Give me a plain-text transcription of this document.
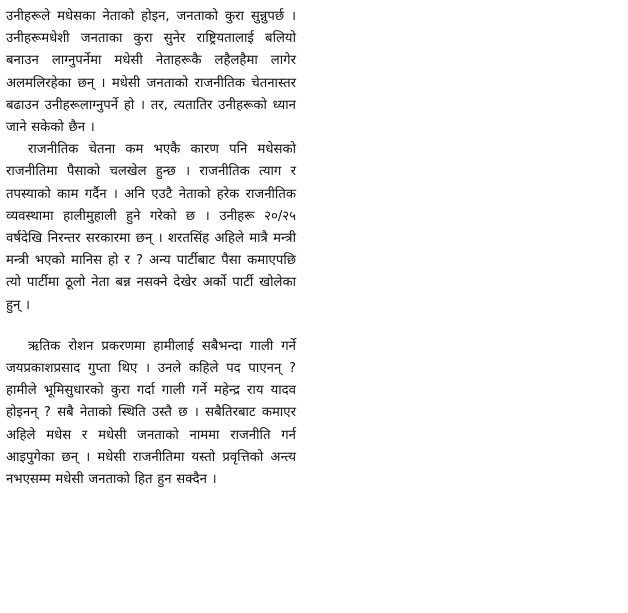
उनीहरूले मधेसका नेताको होइन, जनताको कुरा सुन्नुपर्छ । उनीहरूमधेशी जनताका कुरा सुनेर राष्ट्रियतालाई बलियो बनाउन लाग्नुपर्नेमा मधेसी नेताहरूकै लहैलहैमा लागेर अलमलिरहेका छन् । मधेसी जनताको राजनीतिक चेतनास्तर बढाउन उनीहरूलाग्नुपर्ने हो । तर, त्यतातिर उनीहरूको ध्यान जाने सकेको छैन ।

राजनीतिक चेतना कम भएकै कारण पनि मधेसको राजनीतिमा पैसाको चलखेल हुन्छ । राजनीतिक त्याग र तपस्याको काम गर्दैन । अनि एउटै नेताको हरेक राजनीतिक व्यवस्थामा हालीमुहाली हुने गरेको छ । उनीहरू २०/२५ वर्षदेखि निरन्तर सरकारमा छन् । शरतसिंह अहिले मात्रै मन्त्री मन्त्री भएको मानिस हो र ? अन्य पार्टीबाट पैसा कमाएपछि त्यो पार्टीमा ठूलो नेता बन्न नसक्ने देखेर अर्को पार्टी खोलेका हुन् ।

ऋतिक रोशन प्रकरणमा हामीलाई सबैभन्दा गाली गर्ने जयप्रकाशप्रसाद गुप्ता थिए । उनले कहिले पद पाएनन् ? हामीले भूमिसुधारको कुरा गर्दा गाली गर्ने महेन्द्र राय यादव होइनन् ? सबै नेताको स्थिति उस्तै छ । सबैतिरबाट कमाएर अहिले मधेस र मधेसी जनताको नाममा राजनीति गर्न आइपुगेका छन् । मधेसी राजनीतिमा यस्तो प्रवृत्तिको अन्त्य नभएसम्म मधेसी जनताको हित हुन सक्दैन ।
